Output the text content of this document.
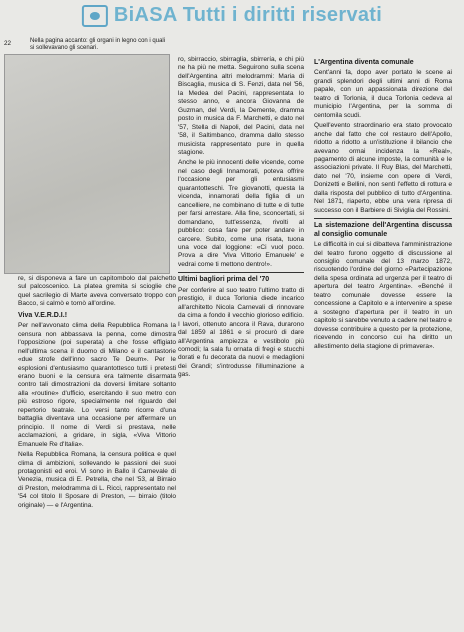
BiASA Tutti i diritti riservati
22	Nella pagina accanto: gli organi in legno con i quali si sollevavano gli scenari.

re, si disponeva a fare un capitombolo dal palchetto sul palcoscenico. La platea gremita si scioglie che quel sacrilegio di Marte aveva conversato troppo con Bacco, si calmò e tornò all'ordine.

Viva V.E.R.D.I.!

Per nell'avvonato clima della Repubblica Romana la censura non abbassava la penna, come dimostra l'opposizione (poi superata) a che fosse effigiato nell'ultima scena il duomo di Milano e il cantastorie «due strofe dell'inno sacro Te Deum». Per le esplosioni d'entusiasmo quarantottesco tutti i pretesti erano buoni e la censura era talmente disarmata contro tali dimostrazioni da doversi limitare soltanto alla «routine» d'ufficio, esercitando il suo metro con più estroso rigore, specialmente nel riguardo del repertorio teatrale. Lo versi tanto ricorre d'una battaglia diventava una occasione per affermare un principio. Il nome di Verdi si prestava, nelle acclamazioni, a gridare, in sigla, «Viva Vittorio Emanuele Re d'Italia».

Nella Repubblica Romana, la censura politica e quel clima di ambizioni, sollevando le passioni dei suoi protagonisti ed eroi. Vi sono in Ballo il Carnevale di Venezia, musica di E. Petrella, che nel '53, al Birraio di Preston, melodramma di L. Ricci, rappresentato nel '54 col titolo Il Sposare di Preston, — birraio (titolo originale) — e l'Argentina.

ro, sbirraccio, sbirraglia, sbirrería, e chi più ne ha più ne metta. Seguirono sulla scena dell'Argentina altri melodrammi: Maria di Biscaglia, musica di S. Fenzi, data nel '56, la Medea del Pacini, rappresentata lo stesso anno, e ancora Giovanna de Guzman, del Verdi, la Demente, dramma posto in musica da F. Marchetti, e dato nel '57, Stella di Napoli, del Pacini, data nel '58, il Saltimbanco, dramma dallo stesso musicista rappresentato pure in quella stagione.

Anche le più innocenti delle vicende, come nel caso degli Innamorati, poteva offrire l'occasione per gli entusiasmi quarantotteschi. Tre giovanotti, questa la vicenda, innamorati della figlia di un cancelliere, ne combinano di tutte e di tutte per farsi arrestare. Alla fine, sconcertati, si domandano, tutt'essenza, rivolti al pubblico: cosa fare per poter andare in carcere. Subito, come una risata, tuona una voce dal loggione: «Ci vuol poco. Prova a dire 'Viva Vittorio Emanuele' e vedrai come ti mettono dentro!».

Ultimi bagliori prima del '70

Per conferire al suo teatro l'ultimo tratto di prestigio, il duca Torlonia diede incarico all'architetto Nicola Carnevali di rinnovare da cima a fondo il vecchio glorioso edificio. I lavori, ottenuto ancora il Rava, durarono dal 1859 al 1861 e si procurò di dare all'Argentina ampiezza e vestibolo più comodi; la sala fu ornata di fregi e stucchi dorati e fu decorata da nuovi e medaglioni dei Grandi; s'introdusse l'illuminazione a gas.

L'Argentina diventa comunale

Cent'anni fa, dopo aver portato le scene ai grandi splendori degli ultimi anni di Roma papale, con un appassionata direzione del teatro di Torlonia, il duca Torlonia cedeva al municipio l'Argentina, per la somma di centomila scudi.

Quell'evento straordinario era stato provocato anche dal fatto che col restauro dell'Apollo, ridotto a ridotto a un'istituzione il bilancio che avevano ormai incidenza la «Real», pagamento di alcune imposte, la comunità e le associazioni private. Il Ruy Blas, del Marchetti, dato nel '70, insieme con opere di Verdi, Donizetti e Bellini, non sentì l'effetto di rottura e dalla risposta del pubblico di tutto d'Argentina. Nel 1871, riaperto, ebbe una vera ripresa di successo con il Barbiere di Siviglia del Rossini.

La sistemazione dell'Argentina discussa al consiglio comunale

Le difficoltà in cui si dibatteva l'amministrazione del teatro furono oggetto di discussione al consiglio comunale del 13 marzo 1872, riscuotendo l'ordine del giorno «Partecipazione della spesa ordinata ad urgenza per il teatro di apertura del teatro Argentina». «Benché il teatro comunale dovesse essere la concessione a Capitolo e a intervenire a spese a sostegno d'apertura per il teatro in un capitolo si sarebbe venuto a cadere nel teatro e dovesse contribuire a questo per la protezione, ricevendo in concorso cui ha diritto un allestimento della stagione di primavera».
